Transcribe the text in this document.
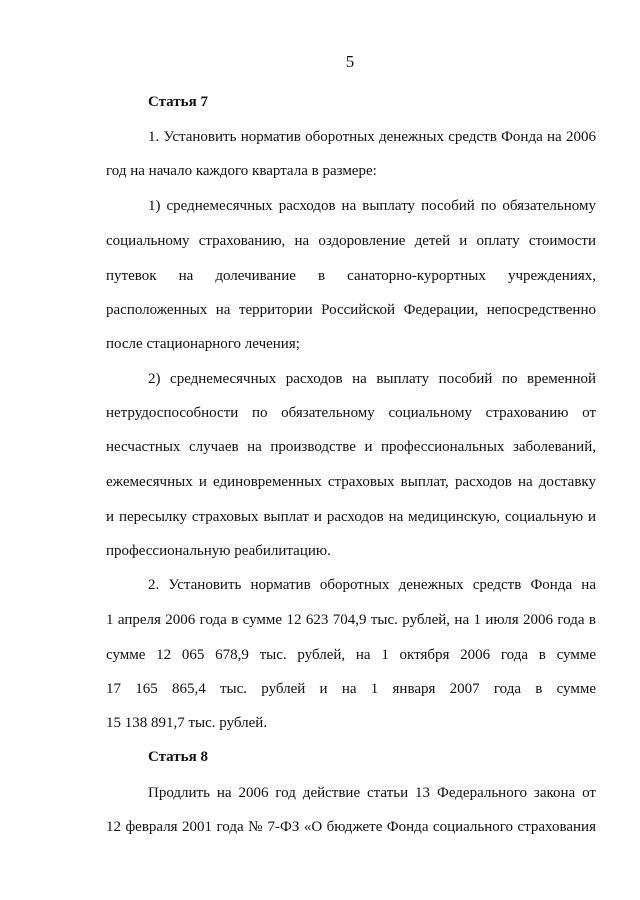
5
Статья 7
1. Установить норматив оборотных денежных средств Фонда на 2006
год на начало каждого квартала в размере:
1) среднемесячных расходов на выплату пособий по обязательному
социальному страхованию, на оздоровление детей и оплату стоимости
путевок на долечивание в санаторно-курортных учреждениях,
расположенных на территории Российской Федерации, непосредственно
после стационарного лечения;
2) среднемесячных расходов на выплату пособий по временной
нетрудоспособности по обязательному социальному страхованию от
несчастных случаев на производстве и профессиональных заболеваний,
ежемесячных и единовременных страховых выплат, расходов на доставку
и пересылку страховых выплат и расходов на медицинскую, социальную и
профессиональную реабилитацию.
2. Установить норматив оборотных денежных средств Фонда на
1 апреля 2006 года в сумме 12 623 704,9 тыс. рублей, на 1 июля 2006 года в
сумме 12 065 678,9 тыс. рублей, на 1 октября 2006 года в сумме
17 165 865,4 тыс. рублей и на 1 января 2007 года в сумме
15 138 891,7 тыс. рублей.
Статья 8
Продлить на 2006 год действие статьи 13 Федерального закона от
12 февраля 2001 года № 7-ФЗ «О бюджете Фонда социального страхования
